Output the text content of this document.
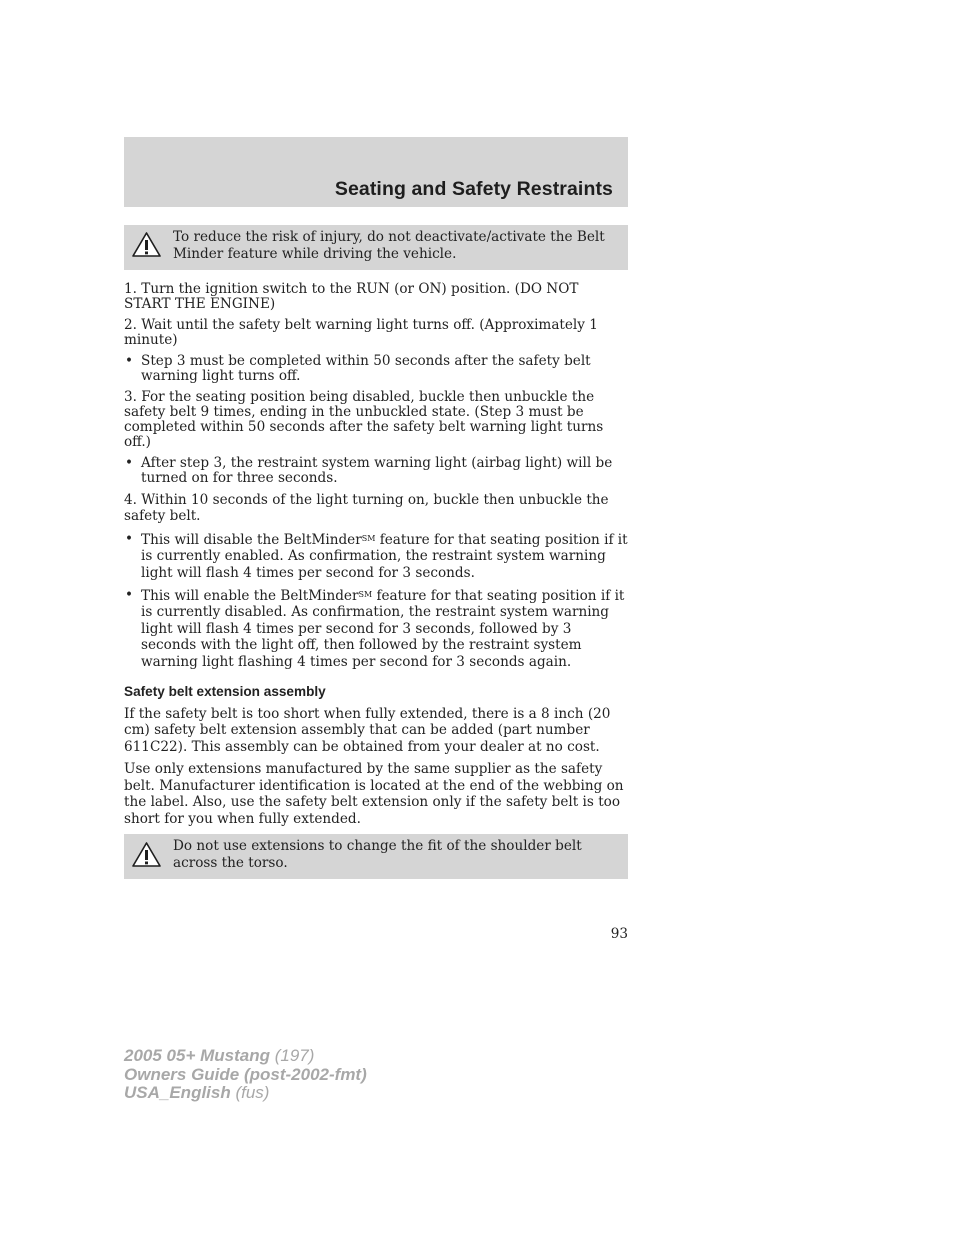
Seating and Safety Restraints
To reduce the risk of injury, do not deactivate/activate the Belt Minder feature while driving the vehicle.

1. Turn the ignition switch to the RUN (or ON) position. (DO NOT START THE ENGINE)

2. Wait until the safety belt warning light turns off. (Approximately 1 minute)

• Step 3 must be completed within 50 seconds after the safety belt warning light turns off.

3. For the seating position being disabled, buckle then unbuckle the safety belt 9 times, ending in the unbuckled state. (Step 3 must be completed within 50 seconds after the safety belt warning light turns off.)

• After step 3, the restraint system warning light (airbag light) will be turned on for three seconds.

4. Within 10 seconds of the light turning on, buckle then unbuckle the safety belt.

• This will disable the BeltMinder℠ feature for that seating position if it is currently enabled. As confirmation, the restraint system warning light will flash 4 times per second for 3 seconds.

• This will enable the BeltMinder℠ feature for that seating position if it is currently disabled. As confirmation, the restraint system warning light will flash 4 times per second for 3 seconds, followed by 3 seconds with the light off, then followed by the restraint system warning light flashing 4 times per second for 3 seconds again.

Safety belt extension assembly

If the safety belt is too short when fully extended, there is a 8 inch (20 cm) safety belt extension assembly that can be added (part number 611C22). This assembly can be obtained from your dealer at no cost.

Use only extensions manufactured by the same supplier as the safety belt. Manufacturer identification is located at the end of the webbing on the label. Also, use the safety belt extension only if the safety belt is too short for you when fully extended.

Do not use extensions to change the fit of the shoulder belt across the torso.
93
2005 05+ Mustang (197)
Owners Guide (post-2002-fmt)
USA_English (fus)
